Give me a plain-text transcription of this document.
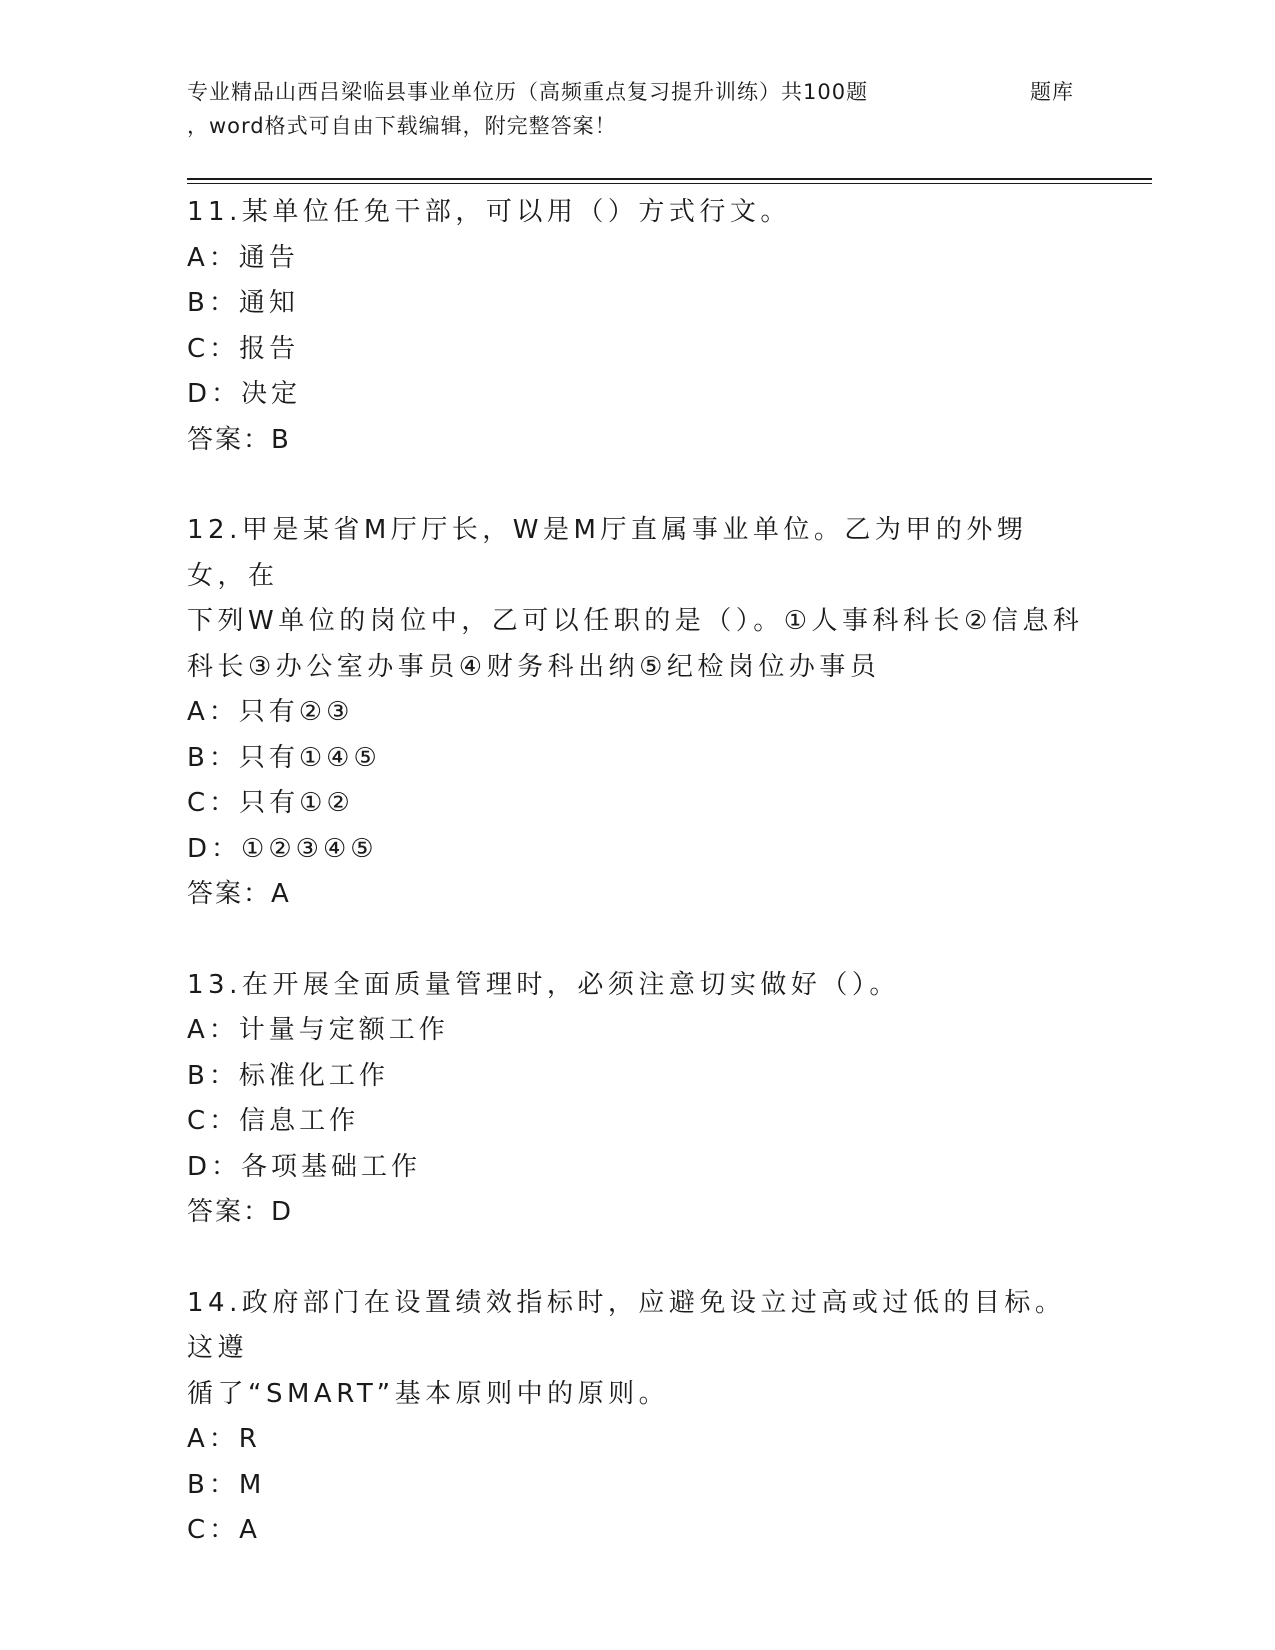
专业精品山西吕梁临县事业单位历（高频重点复习提升训练）共100题	题库
，word格式可自由下载编辑，附完整答案！
11.某单位任免干部，可以用（）方式行文。
A：通告
B：通知
C：报告
D：决定
答案：B
12.甲是某省M厅厅长，W是M厅直属事业单位。乙为甲的外甥女，在
下列W单位的岗位中，乙可以任职的是（）。①人事科科长②信息科
科长③办公室办事员④财务科出纳⑤纪检岗位办事员
A：只有②③
B：只有①④⑤
C：只有①②
D：①②③④⑤
答案：A
13.在开展全面质量管理时，必须注意切实做好（）。
A：计量与定额工作
B：标准化工作
C：信息工作
D：各项基础工作
答案：D
14.政府部门在设置绩效指标时，应避免设立过高或过低的目标。这遵
循了“SMART”基本原则中的原则。
A：R
B：M
C：A
